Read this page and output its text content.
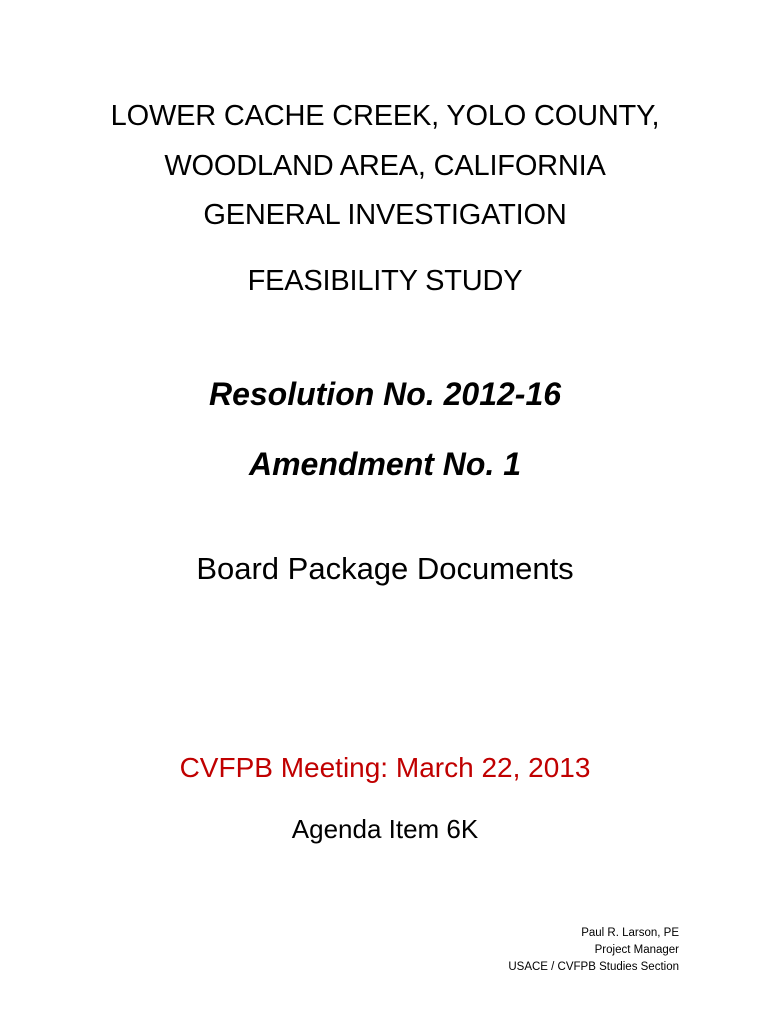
LOWER CACHE CREEK, YOLO COUNTY,
WOODLAND AREA, CALIFORNIA
GENERAL INVESTIGATION
FEASIBILITY STUDY
Resolution No. 2012-16
Amendment No. 1
Board Package Documents
CVFPB Meeting: March 22, 2013
Agenda Item 6K
Paul R. Larson, PE
Project Manager
USACE / CVFPB Studies Section
